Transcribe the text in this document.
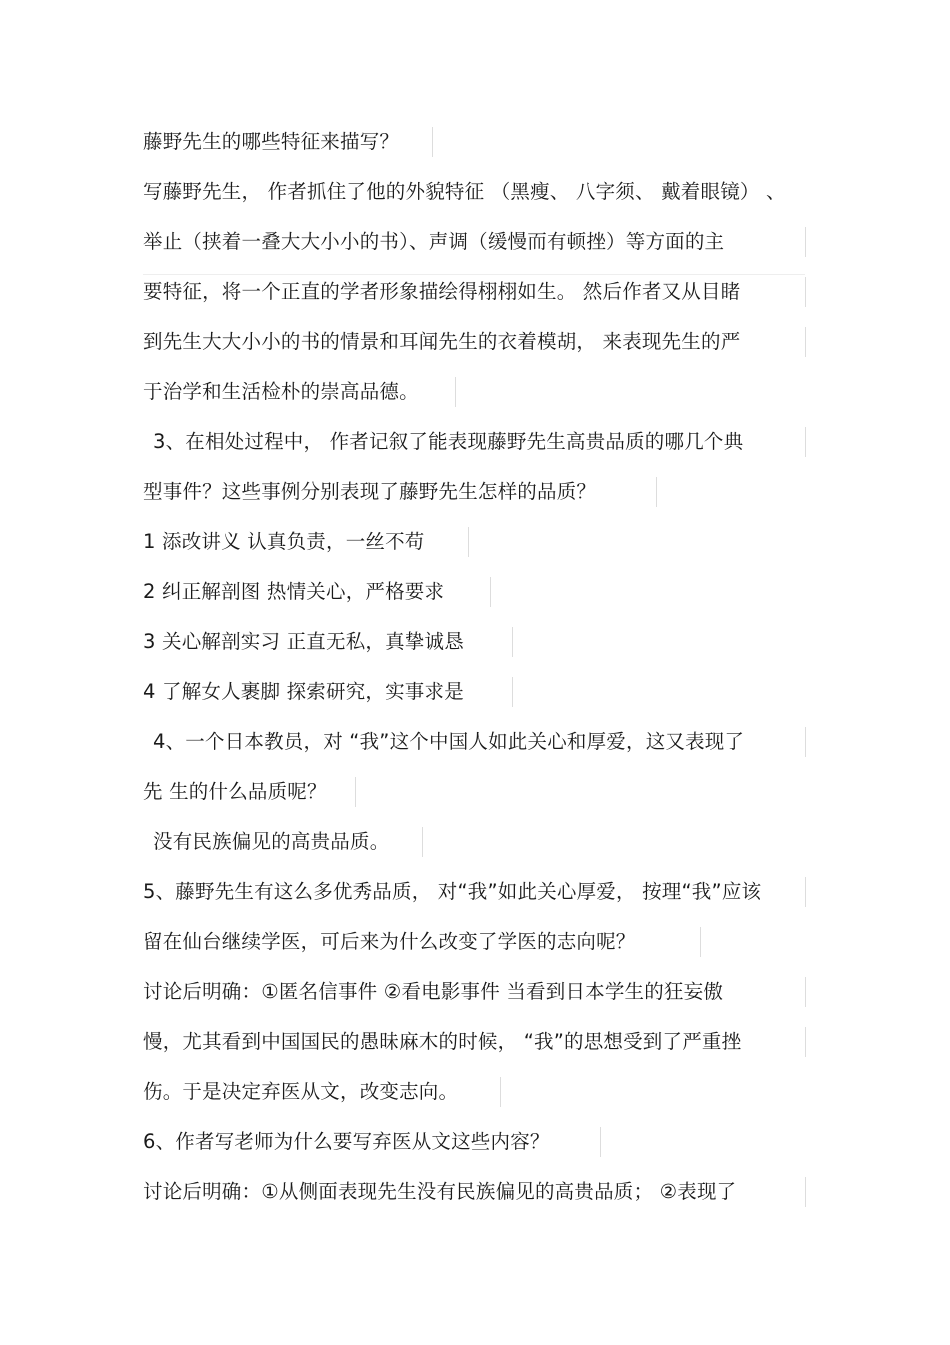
藤野先生的哪些特征来描写？
写藤野先生， 作者抓住了他的外貌特征 （黑瘦、 八字须、 戴着眼镜） 、
举止（挟着一叠大大小小的书）、声调（缓慢而有顿挫）等方面的主
要特征，将一个正直的学者形象描绘得栩栩如生。 然后作者又从目睹
到先生大大小小的书的情景和耳闻先生的衣着模胡， 来表现先生的严
于治学和生活检朴的崇高品德。
3、在相处过程中， 作者记叙了能表现藤野先生高贵品质的哪几个典
型事件？这些事例分别表现了藤野先生怎样的品质？
1 添改讲义 认真负责，一丝不苟
2 纠正解剖图 热情关心，严格要求
3 关心解剖实习 正直无私，真挚诚恳
4 了解女人裹脚 探索研究，实事求是
4、一个日本教员，对 “我”这个中国人如此关心和厚爱，这又表现了
先 生的什么品质呢？
没有民族偏见的高贵品质。
5、藤野先生有这么多优秀品质， 对“我”如此关心厚爱， 按理“我”应该
留在仙台继续学医，可后来为什么改变了学医的志向呢？
讨论后明确：①匿名信事件 ②看电影事件 当看到日本学生的狂妄傲
慢，尤其看到中国国民的愚昧麻木的时候， “我”的思想受到了严重挫
伤。于是决定弃医从文，改变志向。
6、作者写老师为什么要写弃医从文这些内容？
讨论后明确：①从侧面表现先生没有民族偏见的高贵品质； ②表现了
